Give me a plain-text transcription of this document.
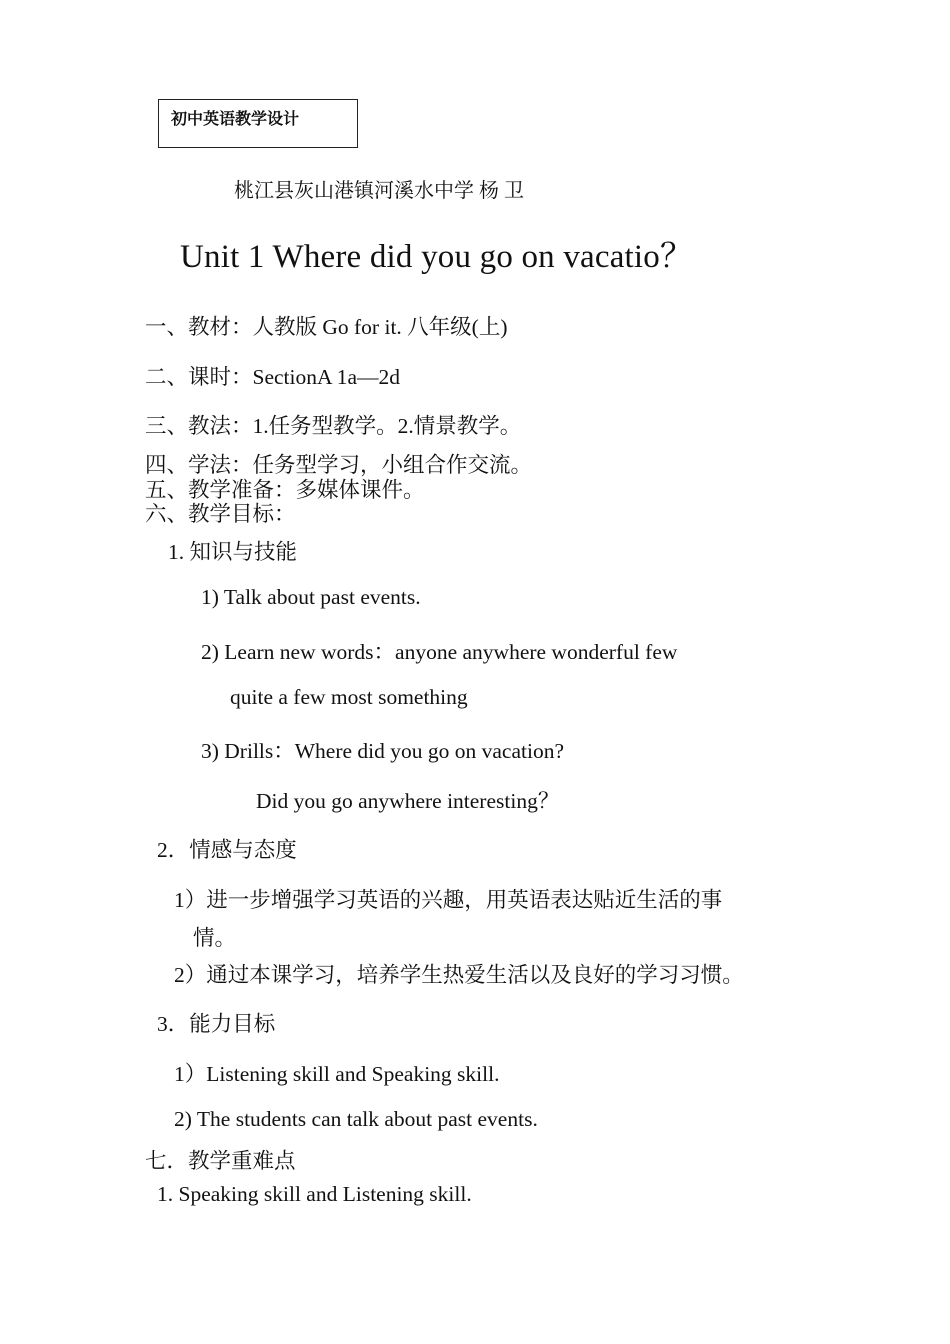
初中英语教学设计
桃江县灰山港镇河溪水中学 杨 卫
Unit 1 Where did you go on vacatio？
一、教材：人教版 Go for it. 八年级(上)
二、课时：SectionA 1a—2d
三、教法：1.任务型教学。2.情景教学。
四、学法：任务型学习，小组合作交流。
五、教学准备：多媒体课件。
六、教学目标：
1. 知识与技能
1) Talk about past events.
2) Learn new words：anyone anywhere wonderful few
quite a few most something
3) Drills：Where did you go on vacation?
Did you go anywhere interesting？
2．情感与态度
1）进一步增强学习英语的兴趣，用英语表达贴近生活的事
情。
2）通过本课学习，培养学生热爱生活以及良好的学习习惯。
3．能力目标
1）Listening skill and Speaking skill.
2) The students can talk about past events.
七．教学重难点
1. Speaking skill and Listening skill.
